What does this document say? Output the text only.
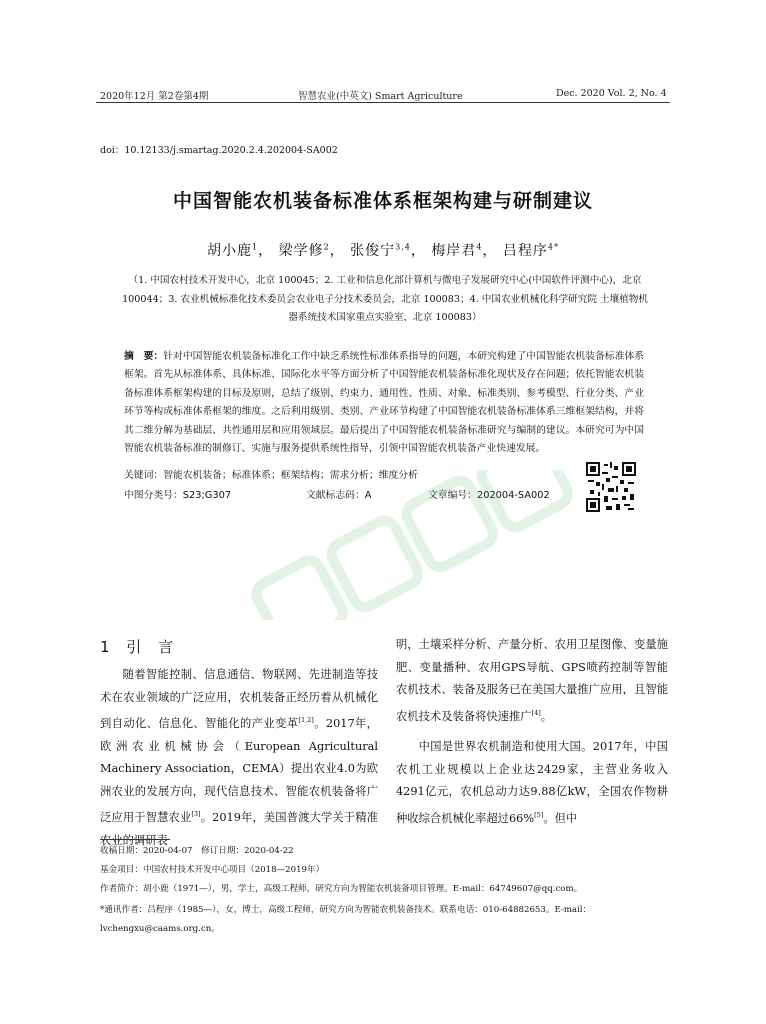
2020年12月 第2卷第4期	智慧农业(中英文) Smart Agriculture	Dec. 2020 Vol. 2, No. 4
doi：10.12133/j.smartag.2020.2.4.202004-SA002
中国智能农机装备标准体系框架构建与研制建议
胡小鹿$^1$， 梁学修$^2$， 张俊宁$^{3,4}$， 梅岸君$^4$， 吕程序$^{4*}$
（1. 中国农村技术开发中心，北京 100045；2. 工业和信息化部计算机与微电子发展研究中心(中国软件评测中心)，北京 100044；3. 农业机械标准化技术委员会农业电子分技术委员会，北京 100083；4. 中国农业机械化科学研究院 土壤植物机器系统技术国家重点实验室，北京 100083）
摘　要：针对中国智能农机装备标准化工作中缺乏系统性标准体系指导的问题，本研究构建了中国智能农机装备标准体系框架。首先从标准体系、具体标准、国际化水平等方面分析了中国智能农机装备标准化现状及存在问题；依托智能农机装备标准体系框架构建的目标及原则，总结了级别、约束力、通用性、性质、对象、标准类别、参考模型、行业分类、产业环节等构成标准体系框架的维度。之后利用级别、类别、产业环节构建了中国智能农机装备标准体系三维框架结构，并将其二维分解为基础层、共性通用层和应用领域层。最后提出了中国智能农机装备标准研究与编制的建议。本研究可为中国智能农机装备标准的制修订、实施与服务提供系统性指导，引领中国智能农机装备产业快速发展。
关键词：智能农机装备；标准体系；框架结构；需求分析；维度分析
中图分类号：S23;G307	文献标志码：A	文章编号：202004-SA002
1 引 言

随着智能控制、信息通信、物联网、先进制造等技术在农业领域的广泛应用，农机装备正经历着从机械化到自动化、信息化、智能化的产业变革[1,2]。2017年，欧洲农业机械协会（European Agricultural Machinery Association，CEMA）提出农业4.0为欧洲农业的发展方向，现代信息技术、智能农机装备将广泛应用于智慧农业[3]。2019年，美国普渡大学关于精准农业的调研表

明，土壤采样分析、产量分析、农用卫星图像、变量施肥、变量播种、农用GPS导航、GPS喷药控制等智能农机技术、装备及服务已在美国大量推广应用，且智能农机技术及装备将快速推广[4]。

中国是世界农机制造和使用大国。2017年，中国农机工业规模以上企业达2429家，主营业务收入4291亿元，农机总动力达9.88亿kW，全国农作物耕种收综合机械化率超过66%[5]。但中

收稿日期：2020-04-07　修订日期：2020-04-22
基金项目：中国农村技术开发中心项目（2018—2019年）
作者简介：胡小鹿（1971—），男，学士，高级工程师，研究方向为智能农机装备项目管理。E-mail：64749607@qq.com。
*通讯作者：吕程序（1985—），女，博士，高级工程师，研究方向为智能农机装备技术。联系电话：010-64882653。E-mail：lvchengxu@caams.org.cn。
